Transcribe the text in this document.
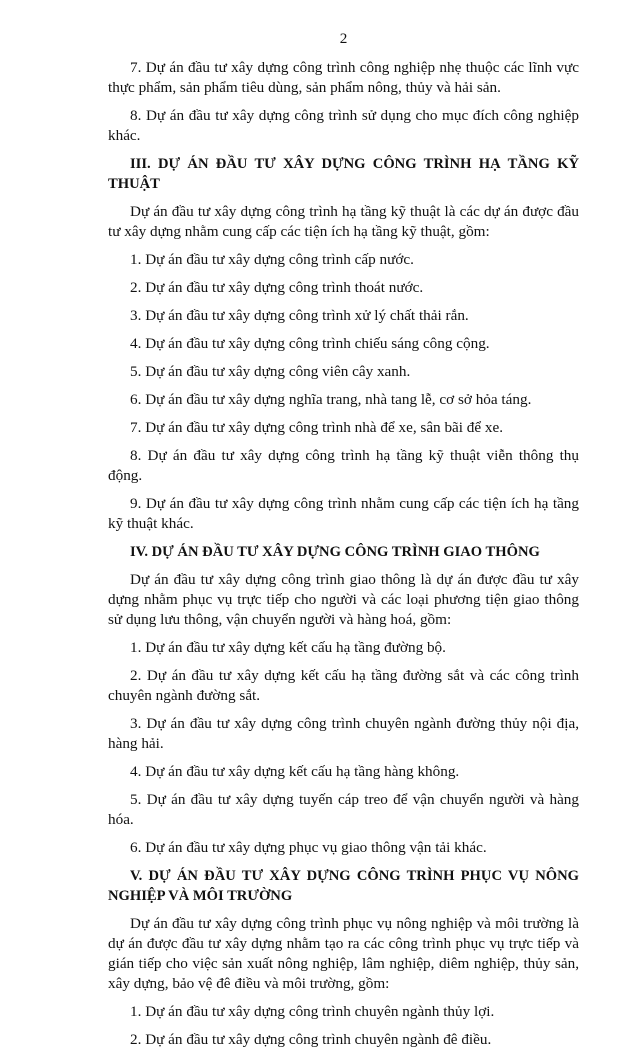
2

7. Dự án đầu tư xây dựng công trình công nghiệp nhẹ thuộc các lĩnh vực thực phẩm, sản phẩm tiêu dùng, sản phẩm nông, thủy và hải sản.

8. Dự án đầu tư xây dựng công trình sử dụng cho mục đích công nghiệp khác.

III. DỰ ÁN ĐẦU TƯ XÂY DỰNG CÔNG TRÌNH HẠ TẦNG KỸ THUẬT

Dự án đầu tư xây dựng công trình hạ tầng kỹ thuật là các dự án được đầu tư xây dựng nhằm cung cấp các tiện ích hạ tầng kỹ thuật, gồm:

1. Dự án đầu tư xây dựng công trình cấp nước.

2. Dự án đầu tư xây dựng công trình thoát nước.

3. Dự án đầu tư xây dựng công trình xử lý chất thải rắn.

4. Dự án đầu tư xây dựng công trình chiếu sáng công cộng.

5. Dự án đầu tư xây dựng công viên cây xanh.

6. Dự án đầu tư xây dựng nghĩa trang, nhà tang lễ, cơ sở hỏa táng.

7. Dự án đầu tư xây dựng công trình nhà để xe, sân bãi để xe.

8. Dự án đầu tư xây dựng công trình hạ tầng kỹ thuật viễn thông thụ động.

9. Dự án đầu tư xây dựng công trình nhằm cung cấp các tiện ích hạ tầng kỹ thuật khác.

IV. DỰ ÁN ĐẦU TƯ XÂY DỰNG CÔNG TRÌNH GIAO THÔNG

Dự án đầu tư xây dựng công trình giao thông là dự án được đầu tư xây dựng nhằm phục vụ trực tiếp cho người và các loại phương tiện giao thông sử dụng lưu thông, vận chuyển người và hàng hoá, gồm:

1. Dự án đầu tư xây dựng kết cấu hạ tầng đường bộ.

2. Dự án đầu tư xây dựng kết cấu hạ tầng đường sắt và các công trình chuyên ngành đường sắt.

3. Dự án đầu tư xây dựng công trình chuyên ngành đường thủy nội địa, hàng hải.

4. Dự án đầu tư xây dựng kết cấu hạ tầng hàng không.

5. Dự án đầu tư xây dựng tuyến cáp treo để vận chuyển người và hàng hóa.

6. Dự án đầu tư xây dựng phục vụ giao thông vận tải khác.

V. DỰ ÁN ĐẦU TƯ XÂY DỰNG CÔNG TRÌNH PHỤC VỤ NÔNG NGHIỆP VÀ MÔI TRƯỜNG

Dự án đầu tư xây dựng công trình phục vụ nông nghiệp và môi trường là dự án được đầu tư xây dựng nhằm tạo ra các công trình phục vụ trực tiếp và gián tiếp cho việc sản xuất nông nghiệp, lâm nghiệp, diêm nghiệp, thủy sản, xây dựng, bảo vệ đê điều và môi trường, gồm:

1. Dự án đầu tư xây dựng công trình chuyên ngành thủy lợi.

2. Dự án đầu tư xây dựng công trình chuyên ngành đê điều.
